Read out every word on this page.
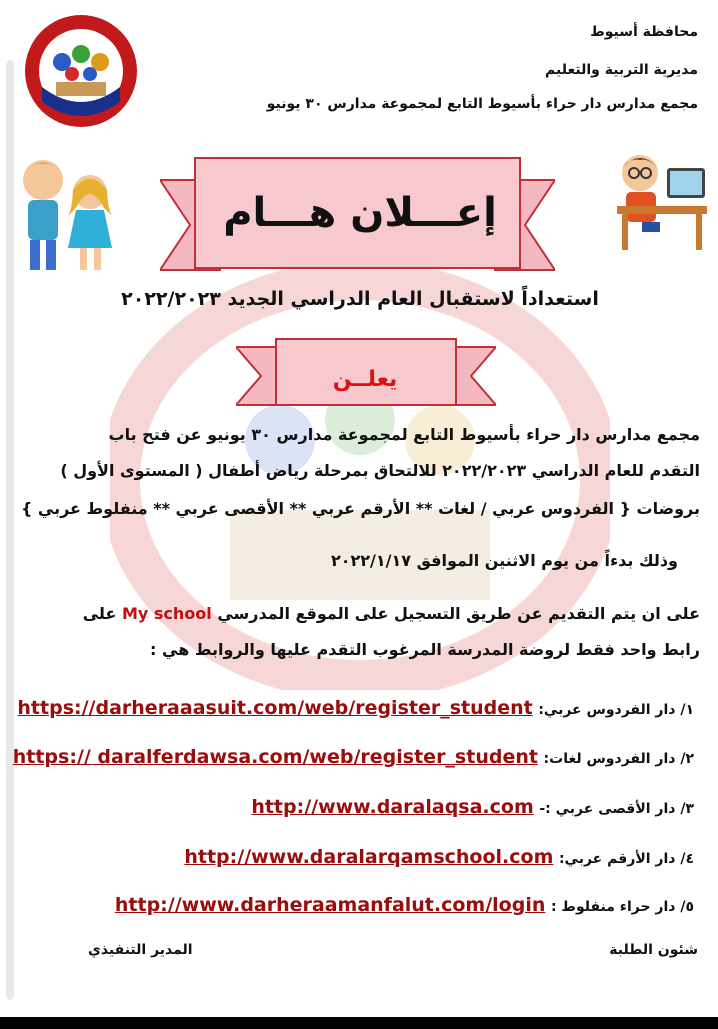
محافظة أسيوط
مديرية التربية والتعليم
مجمع مدارس دار حراء بأسيوط التابع لمجموعة مدارس ٣٠ يونيو
إعـــلان هـــام
استعداداً لاستقبال العام الدراسي الجديد ٢٠٢٢/٢٠٢٣
يعلــن
مجمع مدارس دار حراء بأسيوط التابع لمجموعة مدارس ٣٠ يونيو عن فتح باب
التقدم للعام الدراسي ٢٠٢٢/٢٠٢٣ للالتحاق بمرحلة رياض أطفال ( المستوى الأول )
بروضات { الفردوس عربي / لغات ** الأرقم عربي ** الأقصى عربي ** منفلوط عربي }
وذلك بدءاً من يوم الاثنين الموافق ٢٠٢٢/١/١٧
على ان يتم التقديم عن طريق التسجيل على الموقع المدرسي My school على
رابط واحد فقط لروضة المدرسة المرغوب التقدم عليها والروابط هي :
١/ دار الفردوس عربي: https://darheraaasuit.com/web/register_student
٢/ دار الفردوس لغات: https:// daralferdawsa.com/web/register_student
٣/ دار الأقصى عربي :- http://www.daralaqsa.com
٤/ دار الأرقم عربي: http://www.daralarqamschool.com
٥/ دار حراء منفلوط : http://www.darheraamanfalut.com/login
شئون الطلبة
المدير التنفيذي
